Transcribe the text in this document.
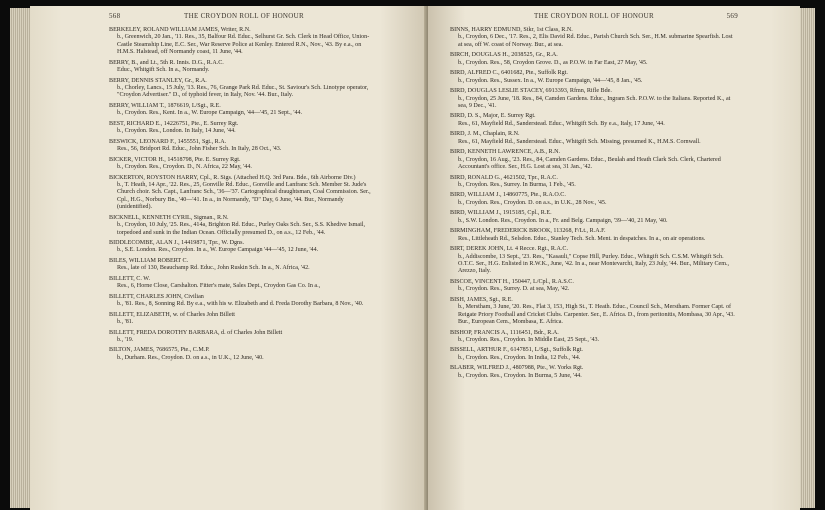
THE CROYDON ROLL OF HONOUR
568
BERKELEY, ROLAND WILLIAM JAMES, Writer, R.N.
b., Greenwich, 20 Jan., '11. Res., 35, Balfour Rd. Educ., Selhurst Gr. Sch. Clerk in Head Office, Union-Castle Steamship Line, E.C. Ser., War Reserve Police at Kenley. Entered R.N., Nov., '43. By e.a., on H.M.S. Halstead, off Normandy coast, 11 June, '44.
BERRY, B., and Lt., 5th R. Innis. D.G., R.A.C.
Educ., Whitgift Sch. In a., Normandy.
BERRY, DENNIS STANLEY, Gr., R.A.
b., Chorley, Lancs., 15 July, '13. Res., 76, Grange Park Rd. Educ., St. Saviour's Sch. Linotype operator, "Croydon Advertiser." D., of typhoid fever, in Italy, Nov. '44. Bur., Italy.
BERRY, WILLIAM T., 1876619, L/Sgt., R.E.
b., Croydon. Res., Kent. In a., W. Europe Campaign, '44—'45, 21 Sept., '44.
BEST, RICHARD E., 14226751, Pte., E. Surrey Rgt.
b., Croydon. Res., London. In Italy, 14 June, '44.
BESWICK, LEONARD F., 1455551, Sgt., R.A.
Res., 56, Bridport Rd. Educ., John Fisher Sch. In Italy, 28 Oct., '43.
BICKER, VICTOR H., 14518798, Pte. E. Surrey Rgt.
b., Croydon. Res., Croydon. D., N. Africa, 22 May, '44.
BICKERTON, ROYSTON HARRY, Cpl., R. Sigs. (Attached H.Q. 3rd Para. Bde., 6th Airborne Div.)
b., T. Heath, 14 Apr., '22. Res., 25, Gonville Rd. Educ., Gonville and Lanfranc Sch. Member St. Jude's Church choir. Sch. Capt., Lanfranc Sch., '36—'37. Cartographical draughtsman, Coal Commission. Ser., Cpl., H.G., Norbury Bn., '40—'41. In a., in Normandy, "D" Day, 6 June, '44. Bur., Normandy (unidentified).
BICKNELL, KENNETH CYRIL, Sigman., R.N.
b., Croydon, 10 July, '25. Res., 414a, Brighton Rd. Educ., Purley Oaks Sch. Ser., S.S. Khedive Ismail, torpedoed and sunk in the Indian Ocean. Officially presumed D., on a.s., 12 Feb., '44.
BIDDLECOMBE, ALAN J., 14419871, Tpr., W. Dgns.
b., S.E. London. Res., Croydon. In a., W. Europe Campaign '44—'45, 12 June, '44.
BILES, WILLIAM ROBERT C.
Res., late of 130, Beauchamp Rd. Educ., John Ruskin Sch. In a., N. Africa, '42.
BILLETT, C. W.
Res., 6, Horne Close, Carshalton. Fitter's mate, Sales Dept., Croydon Gas Co. In a.,
BILLETT, CHARLES JOHN, Civilian
b., '81. Res., 8, Sonning Rd. By e.a., with his w. Elizabeth and d. Freda Dorothy Barbara, 8 Nov., '40.
BILLETT, ELIZABETH, w. of Charles John Billett
b., '81.
BILLETT, FREDA DOROTHY BARBARA, d. of Charles John Billett
b., '19.
BILTON, JAMES, 7686575, Pte., C.M.P.
b., Durham. Res., Croydon. D. on a.s., in U.K., 12 June, '40.
THE CROYDON ROLL OF HONOUR	569
BINNS, HARRY EDMUND, Stkr, 1st Class, R.N.
b., Croydon, 6 Dec., '17. Res., 2, Elis David Rd. Educ., Parish Church Sch. Ser., H.M. submarine Spearfish. Lost at sea, off W. coast of Norway. Bur., at sea.
BIRCH, DOUGLAS H., 2038525, Gr., R.A.
b., Croydon. Res., 58, Croydon Grove. D., as P.O.W. in Far East, 27 May, '45.
BIRD, ALFRED C., 6401682, Pte., Suffolk Rgt.
b., Croydon. Res., Sussex. In a., W. Europe Campaign, '44—'45, 8 Jan., '45.
BIRD, DOUGLAS LESLIE STACEY, 6913393, Rfmn, Rifle Bde.
b., Croydon, 25 June, '18. Res., 84, Camden Gardens. Educ., Ingram Sch. P.O.W. to the Italians. Reported K., at sea, 9 Dec., '41.
BIRD, D. S., Major, E. Surrey Rgt.
Res., 61, Mayfield Rd., Sanderstead. Educ., Whitgift Sch. By e.a., Italy, 17 June, '44.
BIRD, J. M., Chaplain, R.N.
Res., 61, Mayfield Rd., Sanderstead. Educ., Whitgift Sch. Missing, presumed K., H.M.S. Cornwall.
BIRD, KENNETH LAWRENCE, A.B., R.N.
b., Croydon, 16 Aug., '23. Res., 84, Camden Gardens. Educ., Beulah and Heath Clark Sch. Clerk, Chartered Accountant's office. Ser., H.G. Lost at sea, 31 Jan., '42.
BIRD, RONALD G., 4621502, Tpr., R.A.C.
b., Croydon. Res., Surrey. In Burma, 1 Feb., '45.
BIRD, WILLIAM J., 14860775, Pte., R.A.O.C.
b., Croydon. Res., Croydon. D. on a.s., in U.K., 28 Nov., '45.
BIRD, WILLIAM J., 1915185, Cpl., R.E.
b., S.W. London. Res., Croydon. In a., Fr. and Belg. Campaign, '39—'40, 21 May, '40.
BIRMINGHAM, FREDERICK BROOK, 113268, F/Lt., R.A.F.
Res., Littleheath Rd., Selsdon. Educ., Stanley Tech. Sch. Ment. in despatches. In a., on air operations.
BIRT, DEREK JOHN, Lt. 4 Recce. Rgt., R.A.C.
b., Addiscombe, 13 Sept., '23. Res., "Kasauli," Copse Hill, Purley. Educ., Whitgift Sch. C.S.M. Whitgift Sch. O.T.C. Ser., H.G. Enlisted in R.W.K., June, '42. In a., near Montevarchi, Italy, 23 July, '44. Bur., Military Cem., Arezzo, Italy.
BISCOE, VINCENT H., 150447, L/Cpl., R.A.S.C.
b., Croydon. Res., Surrey. D. at sea, May, '42.
BISH, JAMES, Sgt., R.E.
b., Merstham, 3 June, '20. Res., Flat 3, 153, High St., T. Heath. Educ., Council Sch., Merstham. Former Capt. of Reigate Priory Football and Cricket Clubs. Carpenter. Ser., E. Africa. D., from peritonitis, Mombasa, 30 Apr., '43. Bur., European Cem., Mombasa, E. Africa.
BISHOP, FRANCIS A., 1116451, Bdr., R.A.
b., Croydon. Res., Croydon. In Middle East, 25 Sept., '43.
BISSELL, ARTHUR F., 6147851, L/Sgt., Suffolk Rgt.
b., Croydon. Res., Croydon. In India, 12 Feb., '44.
BLABER, WILFRED J., 4807988, Pte., W. Yorks Rgt.
b., Croydon. Res., Croydon. In Burma, 5 June, '44.
